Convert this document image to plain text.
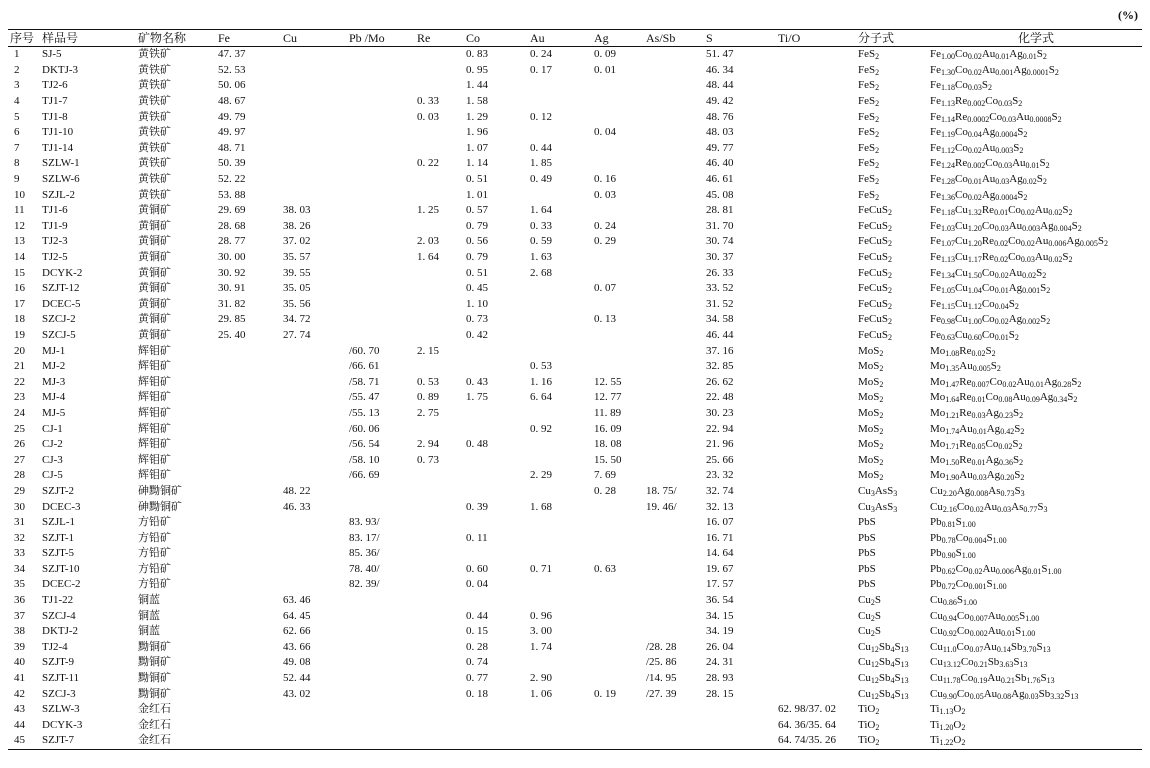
(%)
序号	样品号	矿物名称	Fe	Cu	Pb /Mo	Re	Co	Au	Ag	As/Sb	S	Ti/O	分子式	化学式
1	SJ-5	黄铁矿	47. 37				0. 83	0. 24	0. 09		51. 47		FeS$_2$	$Fe_{1.00}Co_{0.02}Au_{0.01}Ag_{0.01}S_2$
2	DKTJ-3	黄铁矿	52. 53				0. 95	0. 17	0. 01		46. 34		FeS$_2$	$Fe_{1.30}Co_{0.02}Au_{0.001}Ag_{0.0001}S_2$
3	TJ2-6	黄铁矿	50. 06				1. 44				48. 44		FeS$_2$	$Fe_{1.18}Co_{0.03}S_2$
4	TJ1-7	黄铁矿	48. 67			0. 33	1. 58				49. 42		FeS$_2$	$Fe_{1.13}Re_{0.002}Co_{0.03}S_2$
5	TJ1-8	黄铁矿	49. 79			0. 03	1. 29	0. 12			48. 76		FeS$_2$	$Fe_{1.14}Re_{0.0002}Co_{0.03}Au_{0.0008}S_2$
6	TJ1-10	黄铁矿	49. 97				1. 96		0. 04		48. 03		FeS$_2$	$Fe_{1.19}Co_{0.04}Ag_{0.0004}S_2$
7	TJ1-14	黄铁矿	48. 71				1. 07	0. 44			49. 77		FeS$_2$	$Fe_{1.12}Co_{0.02}Au_{0.003}S_2$
8	SZLW-1	黄铁矿	50. 39			0. 22	1. 14	1. 85			46. 40		FeS$_2$	$Fe_{1.24}Re_{0.002}Co_{0.03}Au_{0.01}S_2$
9	SZLW-6	黄铁矿	52. 22				0. 51	0. 49	0. 16		46. 61		FeS$_2$	$Fe_{1.28}Co_{0.01}Au_{0.03}Ag_{0.02}S_2$
10	SZJL-2	黄铁矿	53. 88				1. 01		0. 03		45. 08		FeS$_2$	$Fe_{1.36}Co_{0.02}Ag_{0.0004}S_2$
11	TJ1-6	黄铜矿	29. 69	38. 03		1. 25	0. 57	1. 64			28. 81		FeCuS$_2$	$Fe_{1.18}Cu_{1.32}Re_{0.01}Co_{0.02}Au_{0.02}S_2$
12	TJ1-9	黄铜矿	28. 68	38. 26			0. 79	0. 33	0. 24		31. 70		FeCuS$_2$	$Fe_{1.03}Cu_{1.20}Co_{0.03}Au_{0.003}Ag_{0.004}S_2$
13	TJ2-3	黄铜矿	28. 77	37. 02		2. 03	0. 56	0. 59	0. 29		30. 74		FeCuS$_2$	$Fe_{1.07}Cu_{1.20}Re_{0.02}Co_{0.02}Au_{0.006}Ag_{0.005}S_2$
14	TJ2-5	黄铜矿	30. 00	35. 57		1. 64	0. 79	1. 63			30. 37		FeCuS$_2$	$Fe_{1.13}Cu_{1.17}Re_{0.02}Co_{0.03}Au_{0.02}S_2$
15	DCYK-2	黄铜矿	30. 92	39. 55			0. 51	2. 68			26. 33		FeCuS$_2$	$Fe_{1.34}Cu_{1.50}Co_{0.02}Au_{0.02}S_2$
16	SZJT-12	黄铜矿	30. 91	35. 05			0. 45		0. 07		33. 52		FeCuS$_2$	$Fe_{1.05}Cu_{1.04}Co_{0.01}Ag_{0.001}S_2$
17	DCEC-5	黄铜矿	31. 82	35. 56			1. 10				31. 52		FeCuS$_2$	$Fe_{1.15}Cu_{1.12}Co_{0.04}S_2$
18	SZCJ-2	黄铜矿	29. 85	34. 72			0. 73		0. 13		34. 58		FeCuS$_2$	$Fe_{0.98}Cu_{1.00}Co_{0.02}Ag_{0.002}S_2$
19	SZCJ-5	黄铜矿	25. 40	27. 74			0. 42				46. 44		FeCuS$_2$	$Fe_{0.63}Cu_{0.60}Co_{0.01}S_2$
20	MJ-1	辉钼矿			/60. 70	2. 15					37. 16		MoS$_2$	$Mo_{1.08}Re_{0.02}S_2$
21	MJ-2	辉钼矿			/66. 61			0. 53			32. 85		MoS$_2$	$Mo_{1.35}Au_{0.005}S_2$
22	MJ-3	辉钼矿			/58. 71	0. 53	0. 43	1. 16	12. 55		26. 62		MoS$_2$	$Mo_{1.47}Re_{0.007}Co_{0.02}Au_{0.01}Ag_{0.28}S_2$
23	MJ-4	辉钼矿			/55. 47	0. 89	1. 75	6. 64	12. 77		22. 48		MoS$_2$	$Mo_{1.64}Re_{0.01}Co_{0.08}Au_{0.09}Ag_{0.34}S_2$
24	MJ-5	辉钼矿			/55. 13	2. 75			11. 89		30. 23		MoS$_2$	$Mo_{1.21}Re_{0.03}Ag_{0.23}S_2$
25	CJ-1	辉钼矿			/60. 06			0. 92	16. 09		22. 94		MoS$_2$	$Mo_{1.74}Au_{0.01}Ag_{0.42}S_2$
26	CJ-2	辉钼矿			/56. 54	2. 94	0. 48		18. 08		21. 96		MoS$_2$	$Mo_{1.71}Re_{0.05}Co_{0.02}S_2$
27	CJ-3	辉钼矿			/58. 10	0. 73			15. 50		25. 66		MoS$_2$	$Mo_{1.50}Re_{0.01}Ag_{0.36}S_2$
28	CJ-5	辉钼矿			/66. 69			2. 29	7. 69		23. 32		MoS$_2$	$Mo_{1.90}Au_{0.03}Ag_{0.20}S_2$
29	SZJT-2	砷黝铜矿		48. 22					0. 28	18. 75/	32. 74		$Cu_3AsS_3$	$Cu_{2.20}Ag_{0.008}As_{0.73}S_3$
30	DCEC-3	砷黝铜矿		46. 33			0. 39	1. 68		19. 46/	32. 13		$Cu_3AsS_3$	$Cu_{2.16}Co_{0.02}Au_{0.03}As_{0.77}S_3$
31	SZJL-1	方铅矿			83. 93/						16. 07		PbS	$Pb_{0.81}S_{1.00}$
32	SZJT-1	方铅矿			83. 17/		0. 11				16. 71		PbS	$Pb_{0.78}Co_{0.004}S_{1.00}$
33	SZJT-5	方铅矿			85. 36/						14. 64		PbS	$Pb_{0.90}S_{1.00}$
34	SZJT-10	方铅矿			78. 40/		0. 60	0. 71	0. 63		19. 67		PbS	$Pb_{0.62}Co_{0.02}Au_{0.006}Ag_{0.01}S_{1.00}$
35	DCEC-2	方铅矿			82. 39/		0. 04				17. 57		PbS	$Pb_{0.72}Co_{0.001}S_{1.00}$
36	TJ1-22	铜蓝		63. 46							36. 54		$Cu_2S$	$Cu_{0.86}S_{1.00}$
37	SZCJ-4	铜蓝		64. 45			0. 44	0. 96			34. 15		$Cu_2S$	$Cu_{0.94}Co_{0.007}Au_{0.005}S_{1.00}$
38	DKTJ-2	铜蓝		62. 66			0. 15	3. 00			34. 19		$Cu_2S$	$Cu_{0.92}Co_{0.002}Au_{0.01}S_{1.00}$
39	TJ2-4	黝铜矿		43. 66			0. 28	1. 74		/28. 28	26. 04		$Cu_{12}Sb_4S_{13}$	$Cu_{11.0}Co_{0.07}Au_{0.14}Sb_{3.70}S_{13}$
40	SZJT-9	黝铜矿		49. 08			0. 74			/25. 86	24. 31		$Cu_{12}Sb_4S_{13}$	$Cu_{13.12}Co_{0.21}Sb_{3.63}S_{13}$
41	SZJT-11	黝铜矿		52. 44			0. 77	2. 90		/14. 95	28. 93		$Cu_{12}Sb_4S_{13}$	$Cu_{11.78}Co_{0.19}Au_{0.21}Sb_{1.76}S_{13}$
42	SZCJ-3	黝铜矿		43. 02			0. 18	1. 06	0. 19	/27. 39	28. 15		$Cu_{12}Sb_4S_{13}$	$Cu_{9.90}Co_{0.05}Au_{0.08}Ag_{0.03}Sb_{3.32}S_{13}$
43	SZLW-3	金红石										62. 98/37. 02	TiO$_2$	$Ti_{1.13}O_2$
44	DCYK-3	金红石										64. 36/35. 64	TiO$_2$	$Ti_{1.20}O_2$
45	SZJT-7	金红石										64. 74/35. 26	TiO$_2$	$Ti_{1.22}O_2$
